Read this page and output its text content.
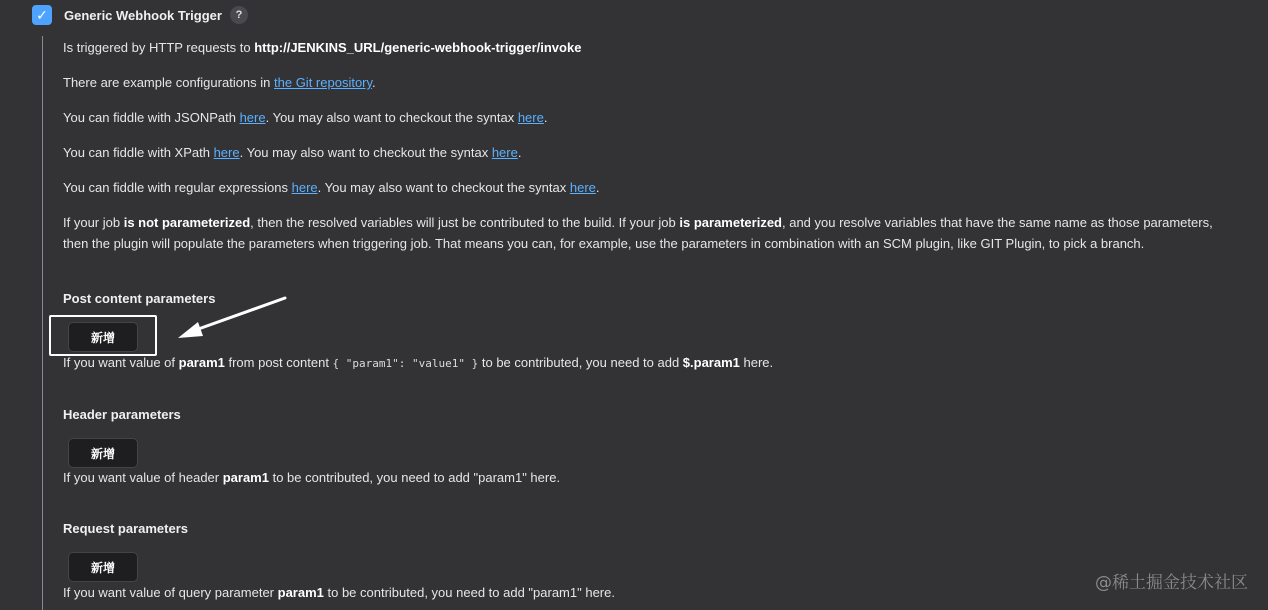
✓ Generic Webhook Trigger ?
Is triggered by HTTP requests to http://JENKINS_URL/generic-webhook-trigger/invoke
There are example configurations in the Git repository.
You can fiddle with JSONPath here. You may also want to checkout the syntax here.
You can fiddle with XPath here. You may also want to checkout the syntax here.
You can fiddle with regular expressions here. You may also want to checkout the syntax here.
If your job is not parameterized, then the resolved variables will just be contributed to the build. If your job is parameterized, and you resolve variables that have the same name as those parameters, then the plugin will populate the parameters when triggering job. That means you can, for example, use the parameters in combination with an SCM plugin, like GIT Plugin, to pick a branch.
Post content parameters
新增
If you want value of param1 from post content { "param1": "value1" } to be contributed, you need to add $.param1 here.
Header parameters
新增
If you want value of header param1 to be contributed, you need to add "param1" here.
Request parameters
新增
If you want value of query parameter param1 to be contributed, you need to add "param1" here.	@稀土掘金技术社区
